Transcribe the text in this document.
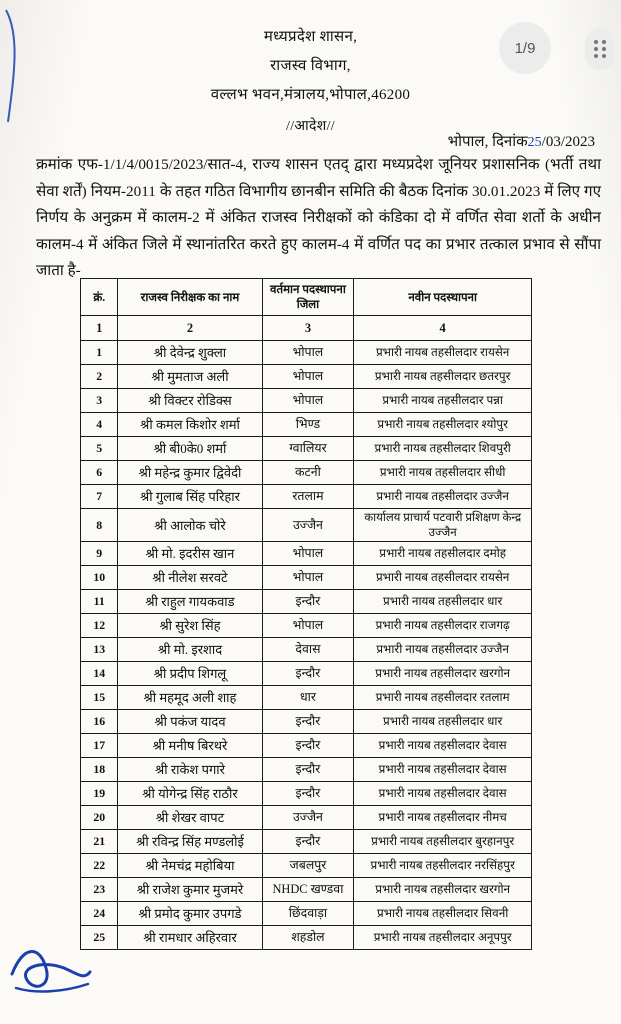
1/9
मध्यप्रदेश शासन,
राजस्व विभाग,
वल्लभ भवन,मंत्रालय,भोपाल,46200
//आदेश//
भोपाल, दिनांक25/03/2023
क्रमांक एफ-1/1/4/0015/2023/सात-4, राज्य शासन एतद् द्वारा मध्यप्रदेश जूनियर प्रशासनिक (भर्ती तथा सेवा शर्तें) नियम-2011 के तहत गठित विभागीय छानबीन समिति की बैठक दिनांक 30.01.2023 में लिए गए निर्णय के अनुक्रम में कालम-2 में अंकित राजस्व निरीक्षकों को कंडिका दो में वर्णित सेवा शर्तो के अधीन कालम-4 में अंकित जिले में स्थानांतरित करते हुए कालम-4 में वर्णित पद का प्रभार तत्काल प्रभाव से सौंपा जाता है-
क्रं.	राजस्व निरीक्षक का नाम	वर्तमान पदस्थापना जिला	नवीन पदस्थापना
1	2	3	4
1	श्री देवेन्द्र शुक्ला	भोपाल	प्रभारी नायब तहसीलदार रायसेन
2	श्री मुमताज अली	भोपाल	प्रभारी नायब तहसीलदार छतरपुर
3	श्री विक्टर रोडिक्स	भोपाल	प्रभारी नायब तहसीलदार पन्ना
4	श्री कमल किशोर शर्मा	भिण्ड	प्रभारी नायब तहसीलदार श्योपुर
5	श्री बी0के0 शर्मा	ग्वालियर	प्रभारी नायब तहसीलदार शिवपुरी
6	श्री महेन्द्र कुमार द्विवेदी	कटनी	प्रभारी नायब तहसीलदार सीधी
7	श्री गुलाब सिंह परिहार	रतलाम	प्रभारी नायब तहसीलदार उज्जैन
8	श्री आलोक चोरे	उज्जैन	कार्यालय प्राचार्य पटवारी प्रशिक्षण केन्द्र उज्जैन
9	श्री मो. इदरीस खान	भोपाल	प्रभारी नायब तहसीलदार दमोह
10	श्री नीलेश सरवटे	भोपाल	प्रभारी नायब तहसीलदार रायसेन
11	श्री राहुल गायकवाड	इन्दौर	प्रभारी नायब तहसीलदार धार
12	श्री सुरेश सिंह	भोपाल	प्रभारी नायब तहसीलदार राजगढ़
13	श्री मो. इरशाद	देवास	प्रभारी नायब तहसीलदार उज्जैन
14	श्री प्रदीप शिगलू	इन्दौर	प्रभारी नायब तहसीलदार खरगोन
15	श्री महमूद अली शाह	धार	प्रभारी नायब तहसीलदार रतलाम
16	श्री पकंज यादव	इन्दौर	प्रभारी नायब तहसीलदार धार
17	श्री मनीष बिरथरे	इन्दौर	प्रभारी नायब तहसीलदार देवास
18	श्री राकेश पगारे	इन्दौर	प्रभारी नायब तहसीलदार देवास
19	श्री योगेन्द्र सिंह राठौर	इन्दौर	प्रभारी नायब तहसीलदार देवास
20	श्री शेखर वापट	उज्जैन	प्रभारी नायब तहसीलदार नीमच
21	श्री रविन्द्र सिंह मण्डलोई	इन्दौर	प्रभारी नायब तहसीलदार बुरहानपुर
22	श्री नेमचंद्र महोबिया	जबलपुर	प्रभारी नायब तहसीलदार नरसिंहपुर
23	श्री राजेश कुमार मुजमरे	NHDC खण्डवा	प्रभारी नायब तहसीलदार खरगोन
24	श्री प्रमोद कुमार उपगडे	छिंदवाड़ा	प्रभारी नायब तहसीलदार सिवनी
25	श्री रामधार अहिरवार	शहडोल	प्रभारी नायब तहसीलदार अनूपपुर
